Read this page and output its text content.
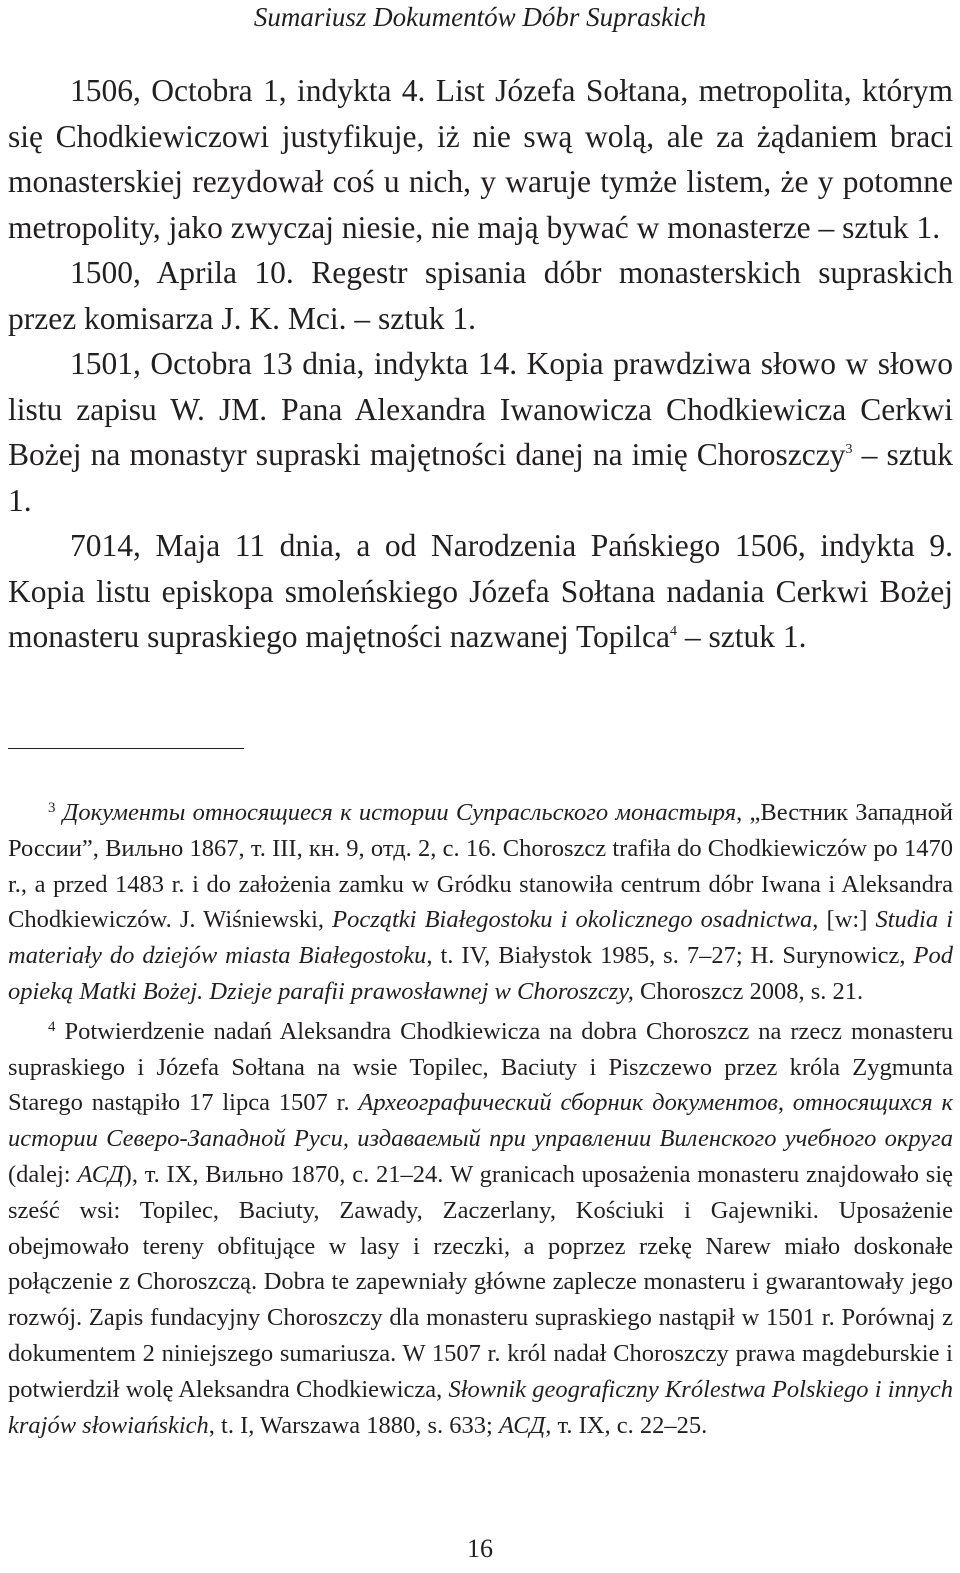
Sumariusz Dokumentów Dóbr Supraskich

1506, Octobra 1, indykta 4. List Józefa Sołtana, metropolita, którym się Chodkiewiczowi justyfikuje, iż nie swą wolą, ale za żądaniem braci monasterskiej rezydował coś u nich, y waruje tymże listem, że y potomne metropolity, jako zwyczaj niesie, nie mają bywać w monasterze – sztuk 1.

1500, Aprila 10. Regestr spisania dóbr monasterskich supraskich przez komisarza J. K. Mci. – sztuk 1.

1501, Octobra 13 dnia, indykta 14. Kopia prawdziwa słowo w słowo listu zapisu W. JM. Pana Alexandra Iwanowicza Chodkiewicza Cerkwi Bożej na monastyr supraski majętności danej na imię Choroszczy$^3$ – sztuk 1.

7014, Maja 11 dnia, a od Narodzenia Pańskiego 1506, indykta 9. Kopia listu episkopa smoleńskiego Józefa Sołtana nadania Cerkwi Bożej monasteru supraskiego majętności nazwanej Topilca$^4$ – sztuk 1.

$^3$ Документы относящиеся к истории Супрасльского монастыря, „Вестник Западной России”, Вильно 1867, т. III, кн. 9, отд. 2, с. 16. Choroszcz trafiła do Chodkiewiczów po 1470 r., a przed 1483 r. i do założenia zamku w Gródku stanowiła centrum dóbr Iwana i Aleksandra Chodkiewiczów. J. Wiśniewski, Początki Białegostoku i okolicznego osadnictwa, [w:] Studia i materiały do dziejów miasta Białegostoku, t. IV, Białystok 1985, s. 7–27; H. Surynowicz, Pod opieką Matki Bożej. Dzieje parafii prawosławnej w Choroszczy, Choroszcz 2008, s. 21.

$^4$ Potwierdzenie nadań Aleksandra Chodkiewicza na dobra Choroszcz na rzecz monasteru supraskiego i Józefa Sołtana na wsie Topilec, Baciuty i Piszczewo przez króla Zygmunta Starego nastąpiło 17 lipca 1507 r. Археографический сборник документов, относящихся к истории Северо-Западной Руси, издаваемый при управлении Виленского учебного округа (dalej: АСД), т. IX, Вильно 1870, с. 21–24. W granicach uposażenia monasteru znajdowało się sześć wsi: Topilec, Baciuty, Zawady, Zaczerlany, Kościuki i Gajewniki. Uposażenie obejmowało tereny obfitujące w lasy i rzeczki, a poprzez rzekę Narew miało doskonałe połączenie z Choroszczą. Dobra te zapewniały główne zaplecze monasteru i gwarantowały jego rozwój. Zapis fundacyjny Choroszczy dla monasteru supraskiego nastąpił w 1501 r. Porównaj z dokumentem 2 niniejszego sumariusza. W 1507 r. król nadał Choroszczy prawa magdeburskie i potwierdził wolę Aleksandra Chodkiewicza, Słownik geograficzny Królestwa Polskiego i innych krajów słowiańskich, t. I, Warszawa 1880, s. 633; АСД, т. IX, с. 22–25.

16
